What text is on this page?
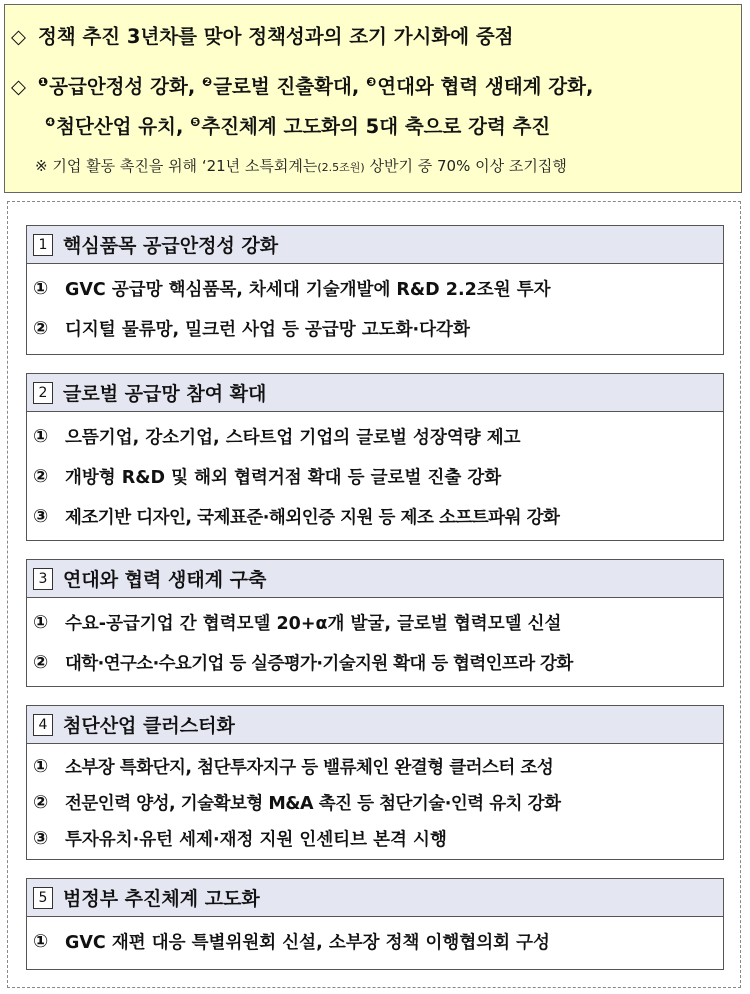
◇ 정책 추진 3년차를 맞아 정책성과의 조기 가시화에 중점
◇ $^❶$공급안정성 강화, $^❷$글로벌 진출확대, $^❸$연대와 협력 생태계 강화,
$^❹$첨단산업 유치, $^❺$추진체계 고도화의 5대 축으로 강력 추진
※ 기업 활동 촉진을 위해 ‘21년 소특회계는(2.5조원) 상반기 중 70% 이상 조기집행
1 핵심품목 공급안정성 강화
① GVC 공급망 핵심품목, 차세대 기술개발에 R&D 2.2조원 투자
② 디지털 물류망, 밀크런 사업 등 공급망 고도화·다각화
2 글로벌 공급망 참여 확대
① 으뜸기업, 강소기업, 스타트업 기업의 글로벌 성장역량 제고
② 개방형 R&D 및 해외 협력거점 확대 등 글로벌 진출 강화
③ 제조기반 디자인, 국제표준·해외인증 지원 등 제조 소프트파워 강화
3 연대와 협력 생태계 구축
① 수요-공급기업 간 협력모델 20+α개 발굴, 글로벌 협력모델 신설
② 대학·연구소·수요기업 등 실증평가·기술지원 확대 등 협력인프라 강화
4 첨단산업 클러스터화
① 소부장 특화단지, 첨단투자지구 등 밸류체인 완결형 클러스터 조성
② 전문인력 양성, 기술확보형 M&A 촉진 등 첨단기술·인력 유치 강화
③ 투자유치·유턴 세제·재정 지원 인센티브 본격 시행
5 범정부 추진체계 고도화
① GVC 재편 대응 특별위원회 신설, 소부장 정책 이행협의회 구성
